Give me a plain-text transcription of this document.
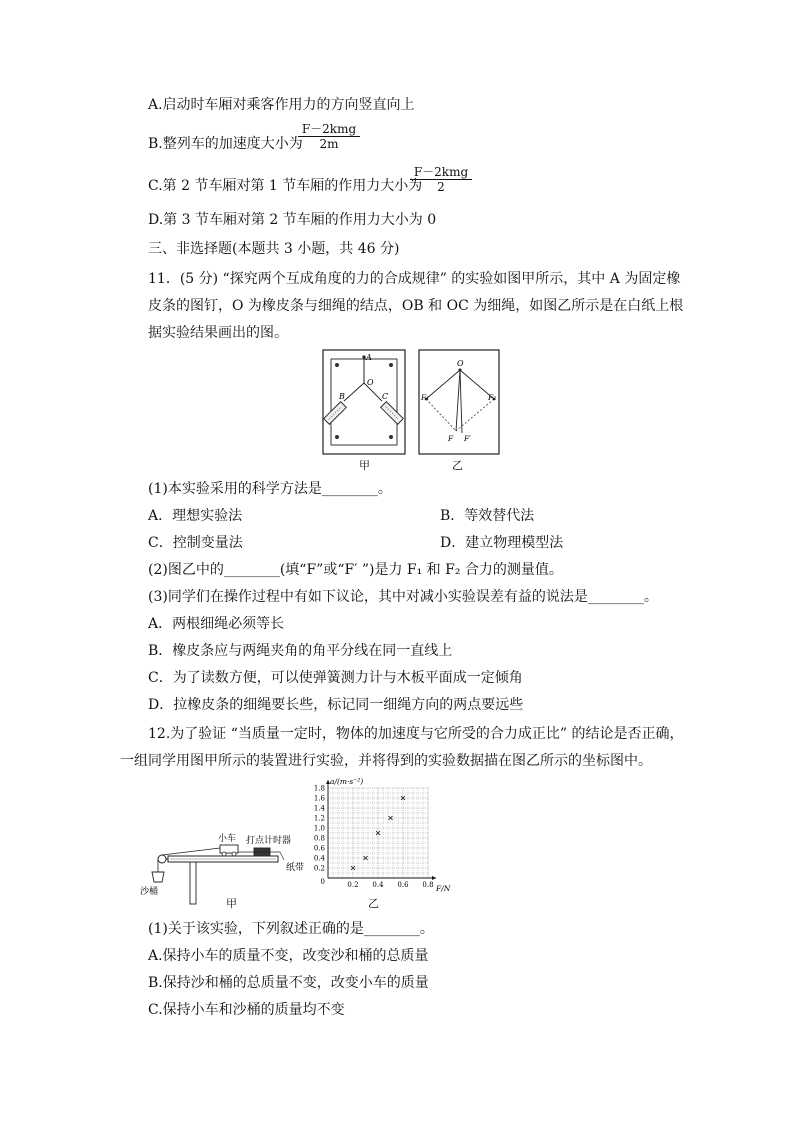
A.启动时车厢对乘客作用力的方向竖直向上
B.整列车的加速度大小为
F－2kmg
2m
C.第 2 节车厢对第 1 节车厢的作用力大小为
F－2kmg
2
D.第 3 节车厢对第 2 节车厢的作用力大小为 0
三、非选择题(本题共 3 小题，共 46 分)
11．(5 分) “探究两个互成角度的力的合成规律” 的实验如图甲所示，其中 A 为固定橡
皮条的图钉，O 为橡皮条与细绳的结点，OB 和 OC 为细绳，如图乙所示是在白纸上根
据实验结果画出的图。
A
O
B	C
甲
O
F₁	F₂
F F′
乙
(1)本实验采用的科学方法是________。
A．理想实验法	B．等效替代法
C．控制变量法	D．建立物理模型法
(2)图乙中的________(填“F”或“F′ ”)是力 F₁ 和 F₂ 合力的测量值。
(3)同学们在操作过程中有如下议论，其中对减小实验误差有益的说法是________。
A．两根细绳必须等长
B．橡皮条应与两绳夹角的角平分线在同一直线上
C．为了读数方便，可以使弹簧测力计与木板平面成一定倾角
D．拉橡皮条的细绳要长些，标记同一细绳方向的两点要远些
12.为了验证 “当质量一定时，物体的加速度与它所受的合力成正比” 的结论是否正确，
一组同学用图甲所示的装置进行实验，并将得到的实验数据描在图乙所示的坐标图中。
小车 打点计时器
纸带
沙桶
甲
0.2 0.4 0.6 0.8
0.2
0.4
0.6
0.8
1.0
1.2
1.4
1.6
1.8
0
a/(m·s⁻²)
F/N
乙
(1)关于该实验，下列叙述正确的是________。
A.保持小车的质量不变，改变沙和桶的总质量
B.保持沙和桶的总质量不变，改变小车的质量
C.保持小车和沙桶的质量均不变
